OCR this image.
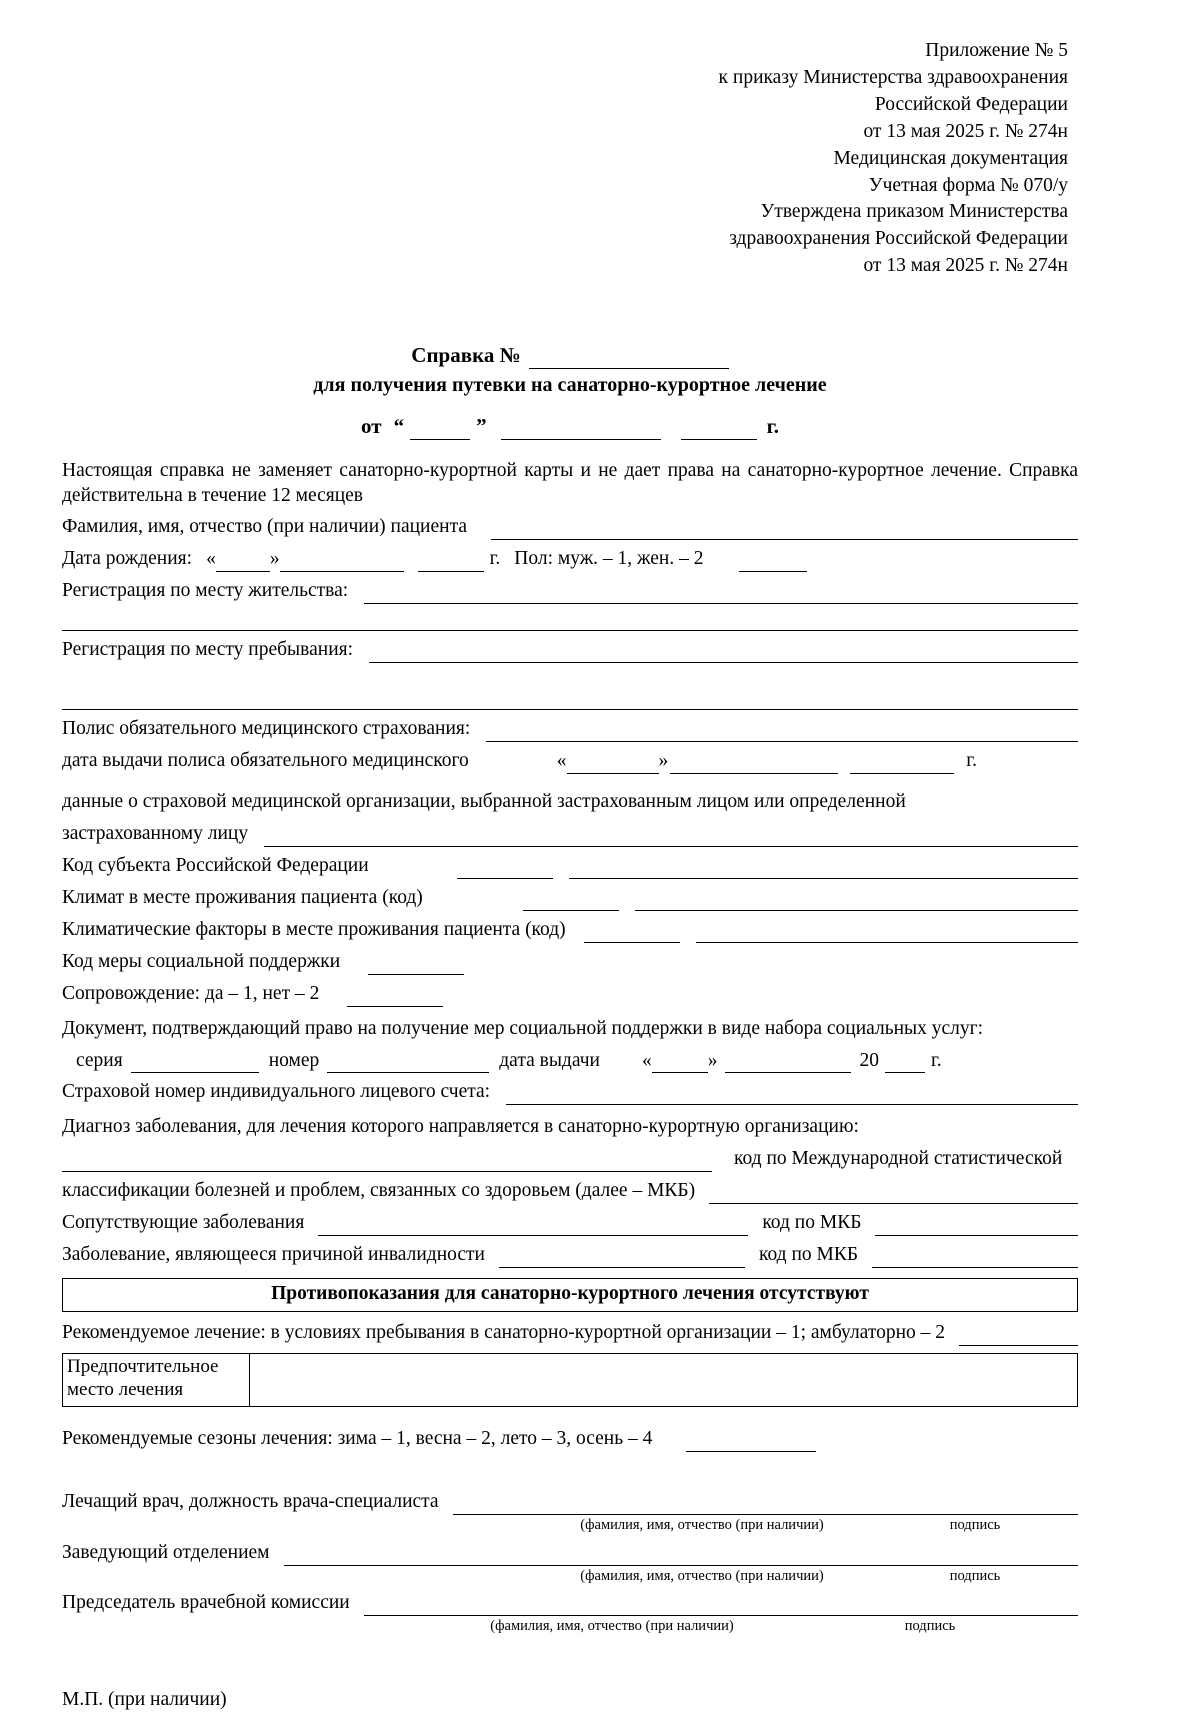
Приложение № 5
к приказу Министерства здравоохранения
Российской Федерации
от 13 мая 2025 г. № 274н
Медицинская документация
Учетная форма № 070/у
Утверждена приказом Министерства
здравоохранения Российской Федерации
от 13 мая 2025 г. № 274н
Справка №
для получения путевки на санаторно-курортное лечение
от “	”	г.
Настоящая справка не заменяет санаторно-курортной карты и не дает права на санаторно-курортное лечение. Справка действительна в течение 12 месяцев
Фамилия, имя, отчество (при наличии) пациента
Дата рождения: «	»	г. Пол: муж. – 1, жен. – 2
Регистрация по месту жительства:
Регистрация по месту пребывания:
Полис обязательного медицинского страхования:
дата выдачи полиса обязательного медицинского	«	»	г.
данные о страховой медицинской организации, выбранной застрахованным лицом или определенной
застрахованному лицу
Код субъекта Российской Федерации
Климат в месте проживания пациента (код)
Климатические факторы в месте проживания пациента (код)
Код меры социальной поддержки
Сопровождение: да – 1, нет – 2
Документ, подтверждающий право на получение мер социальной поддержки в виде набора социальных услуг:
серия	номер	дата выдачи «	»	20	г.
Страховой номер индивидуального лицевого счета:
Диагноз заболевания, для лечения которого направляется в санаторно-курортную организацию:
код по Международной статистической
классификации болезней и проблем, связанных со здоровьем (далее – МКБ)
Сопутствующие заболевания	код по МКБ
Заболевание, являющееся причиной инвалидности	код по МКБ
Противопоказания для санаторно-курортного лечения отсутствуют
Рекомендуемое лечение: в условиях пребывания в санаторно-курортной организации – 1; амбулаторно – 2
Предпочтительное
место лечения
Рекомендуемые сезоны лечения: зима – 1, весна – 2, лето – 3, осень – 4
Лечащий врач, должность врача-специалиста
(фамилия, имя, отчество (при наличии)	подпись
Заведующий отделением
(фамилия, имя, отчество (при наличии)	подпись
Председатель врачебной комиссии
(фамилия, имя, отчество (при наличии)	подпись
М.П. (при наличии)
